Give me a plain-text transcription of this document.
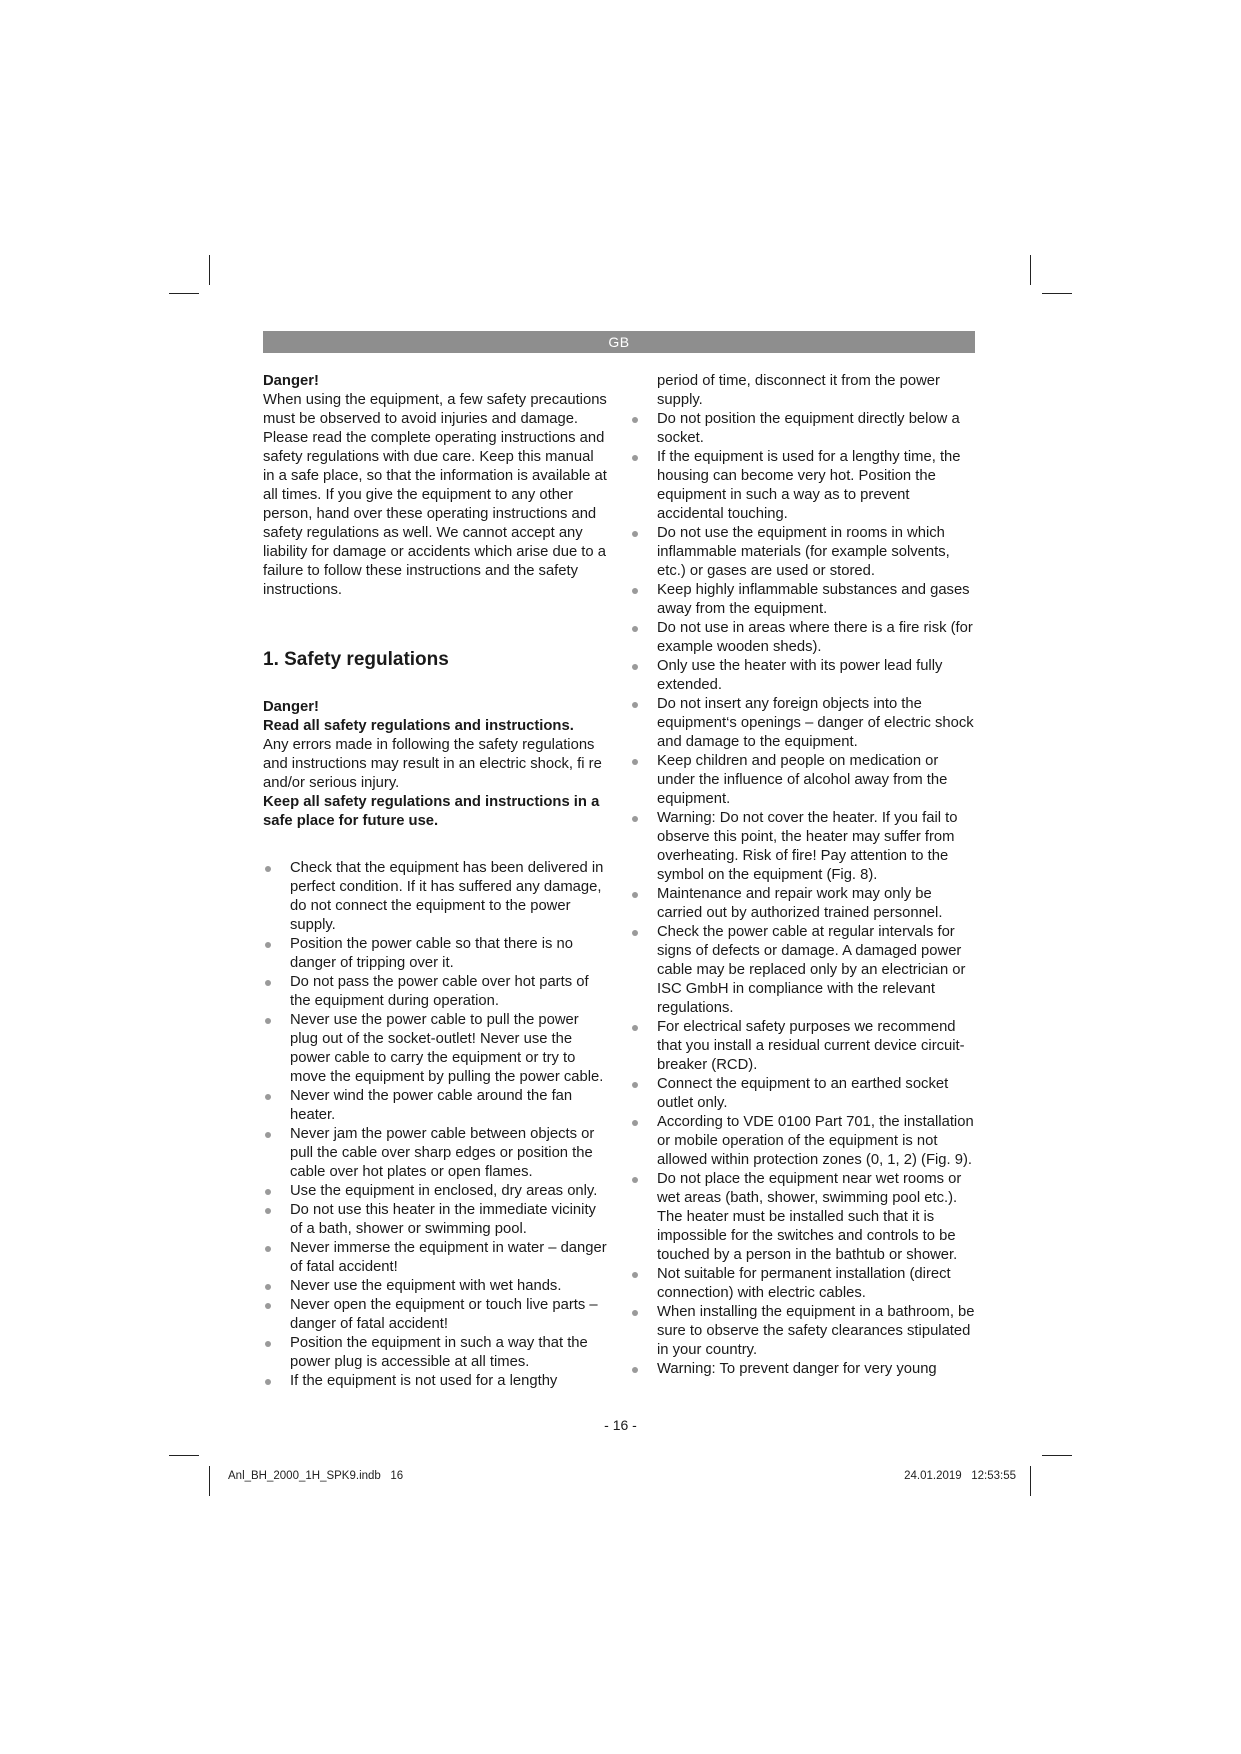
GB

Danger!

When using the equipment, a few safety precautions must be observed to avoid injuries and damage. Please read the complete operating instructions and safety regulations with due care. Keep this manual in a safe place, so that the information is available at all times. If you give the equipment to any other person, hand over these operating instructions and safety regulations as well. We cannot accept any liability for damage or accidents which arise due to a failure to follow these instructions and the safety instructions.

1. Safety regulations

Danger!

Read all safety regulations and instructions.

Any errors made in following the safety regulations and instructions may result in an electric shock, fi re and/or serious injury.

Keep all safety regulations and instructions in a safe place for future use.

Check that the equipment has been delivered in perfect condition. If it has suffered any damage, do not connect the equipment to the power supply.
Position the power cable so that there is no danger of tripping over it.
Do not pass the power cable over hot parts of the equipment during operation.
Never use the power cable to pull the power plug out of the socket-outlet! Never use the power cable to carry the equipment or try to move the equipment by pulling the power cable.
Never wind the power cable around the fan heater.
Never jam the power cable between objects or pull the cable over sharp edges or position the cable over hot plates or open flames.
Use the equipment in enclosed, dry areas only.
Do not use this heater in the immediate vicinity of a bath, shower or swimming pool.
Never immerse the equipment in water – danger of fatal accident!
Never use the equipment with wet hands.
Never open the equipment or touch live parts – danger of fatal accident!
Position the equipment in such a way that the power plug is accessible at all times.
If the equipment is not used for a lengthy

period of time, disconnect it from the power supply.

Do not position the equipment directly below a socket.
If the equipment is used for a lengthy time, the housing can become very hot. Position the equipment in such a way as to prevent accidental touching.
Do not use the equipment in rooms in which inflammable materials (for example solvents, etc.) or gases are used or stored.
Keep highly inflammable substances and gases away from the equipment.
Do not use in areas where there is a fire risk (for example wooden sheds).
Only use the heater with its power lead fully extended.
Do not insert any foreign objects into the equipment‘s openings – danger of electric shock and damage to the equipment.
Keep children and people on medication or under the influence of alcohol away from the equipment.
Warning: Do not cover the heater. If you fail to observe this point, the heater may suffer from overheating. Risk of fire! Pay attention to the symbol on the equipment (Fig. 8).
Maintenance and repair work may only be carried out by authorized trained personnel.
Check the power cable at regular intervals for signs of defects or damage. A damaged power cable may be replaced only by an electrician or ISC GmbH in compliance with the relevant regulations.
For electrical safety purposes we recommend that you install a residual current device circuit-breaker (RCD).
Connect the equipment to an earthed socket outlet only.
According to VDE 0100 Part 701, the installation or mobile operation of the equipment is not allowed within protection zones (0, 1, 2) (Fig. 9).
Do not place the equipment near wet rooms or wet areas (bath, shower, swimming pool etc.). The heater must be installed such that it is impossible for the switches and controls to be touched by a person in the bathtub or shower.
Not suitable for permanent installation (direct connection) with electric cables.
When installing the equipment in a bathroom, be sure to observe the safety clearances stipulated in your country.
Warning: To prevent danger for very young
- 16 -
Anl_BH_2000_1H_SPK9.indb   16	24.01.2019   12:53:55
